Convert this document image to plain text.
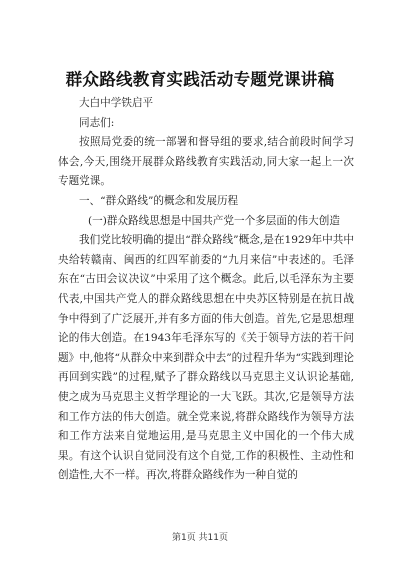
群众路线教育实践活动专题党课讲稿

大白中学铁启平

同志们:

按照局党委的统一部署和督导组的要求,结合前段时间学习体会,今天,围绕开展群众路线教育实践活动,同大家一起上一次专题党课。

一、“群众路线”的概念和发展历程

(一)群众路线思想是中国共产党一个多层面的伟大创造

我们党比较明确的提出“群众路线”概念,是在1929年中共中央给转赣南、闽西的红四军前委的“九月来信”中表述的。毛泽东在“古田会议决议”中采用了这个概念。此后,以毛泽东为主要代表,中国共产党人的群众路线思想在中央苏区特别是在抗日战争中得到了广泛展开,并有多方面的伟大创造。首先,它是思想理论的伟大创造。在1943年毛泽东写的《关于领导方法的若干问题》中,他将“从群众中来到群众中去”的过程升华为“实践到理论再回到实践”的过程,赋予了群众路线以马克思主义认识论基础,使之成为马克思主义哲学理论的一大飞跃。其次,它是领导方法和工作方法的伟大创造。就全党来说,将群众路线作为领导方法和工作方法来自觉地运用,是马克思主义中国化的一个伟大成果。有这个认识自觉同没有这个自觉,工作的积极性、主动性和创造性,大不一样。再次,将群众路线作为一种自觉的

第1页 共11页
